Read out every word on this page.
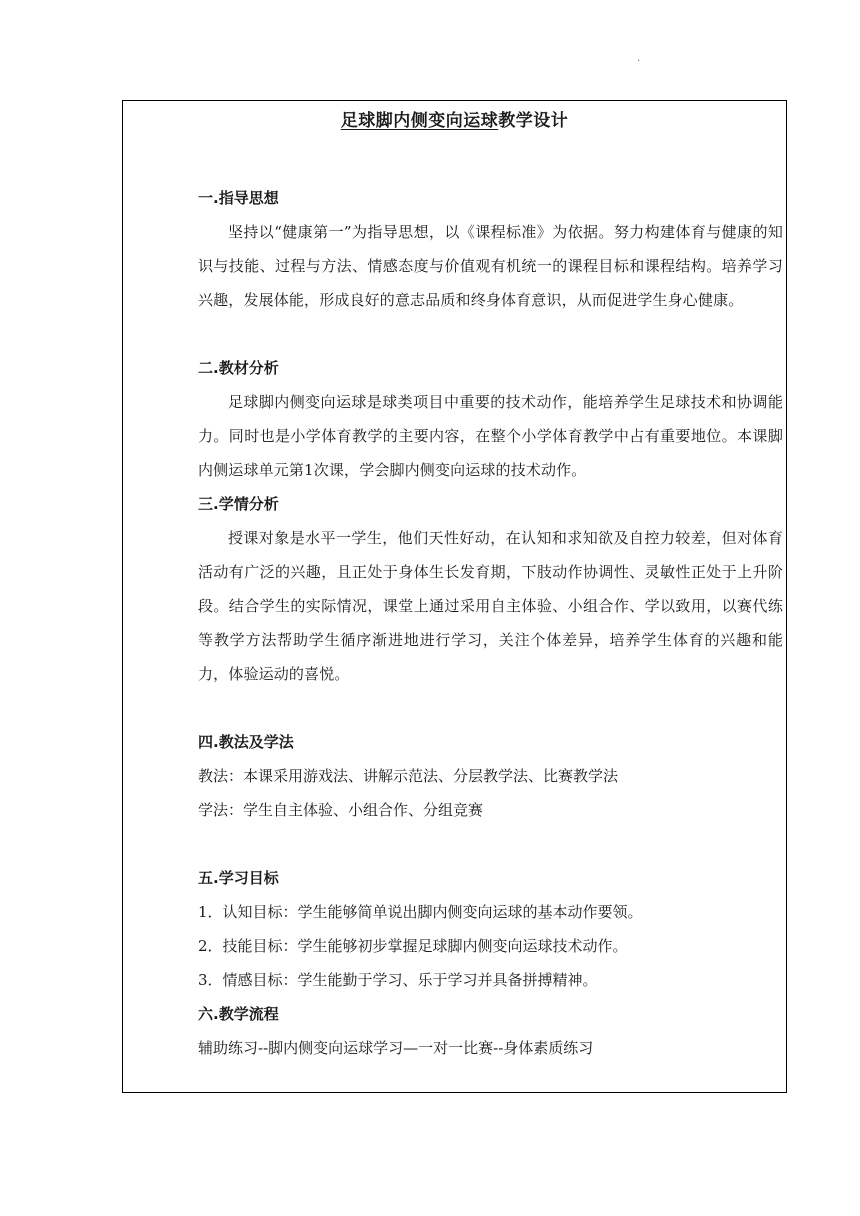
·
足球脚内侧变向运球教学设计
一.指导思想
坚持以“健康第一”为指导思想，以《课程标准》为依据。努力构建体育与健康的知识与技能、过程与方法、情感态度与价值观有机统一的课程目标和课程结构。培养学习兴趣，发展体能，形成良好的意志品质和终身体育意识，从而促进学生身心健康。
二.教材分析
足球脚内侧变向运球是球类项目中重要的技术动作，能培养学生足球技术和协调能力。同时也是小学体育教学的主要内容，在整个小学体育教学中占有重要地位。本课脚内侧运球单元第1次课，学会脚内侧变向运球的技术动作。
三.学情分析
授课对象是水平一学生，他们天性好动，在认知和求知欲及自控力较差，但对体育活动有广泛的兴趣，且正处于身体生长发育期，下肢动作协调性、灵敏性正处于上升阶段。结合学生的实际情况，课堂上通过采用自主体验、小组合作、学以致用，以赛代练等教学方法帮助学生循序渐进地进行学习，关注个体差异，培养学生体育的兴趣和能力，体验运动的喜悦。
四.教法及学法
教法：本课采用游戏法、讲解示范法、分层教学法、比赛教学法
学法：学生自主体验、小组合作、分组竞赛
五.学习目标
1．认知目标：学生能够简单说出脚内侧变向运球的基本动作要领。
2．技能目标：学生能够初步掌握足球脚内侧变向运球技术动作。
3．情感目标：学生能勤于学习、乐于学习并具备拼搏精神。
六.教学流程
辅助练习--脚内侧变向运球学习—一对一比赛--身体素质练习
